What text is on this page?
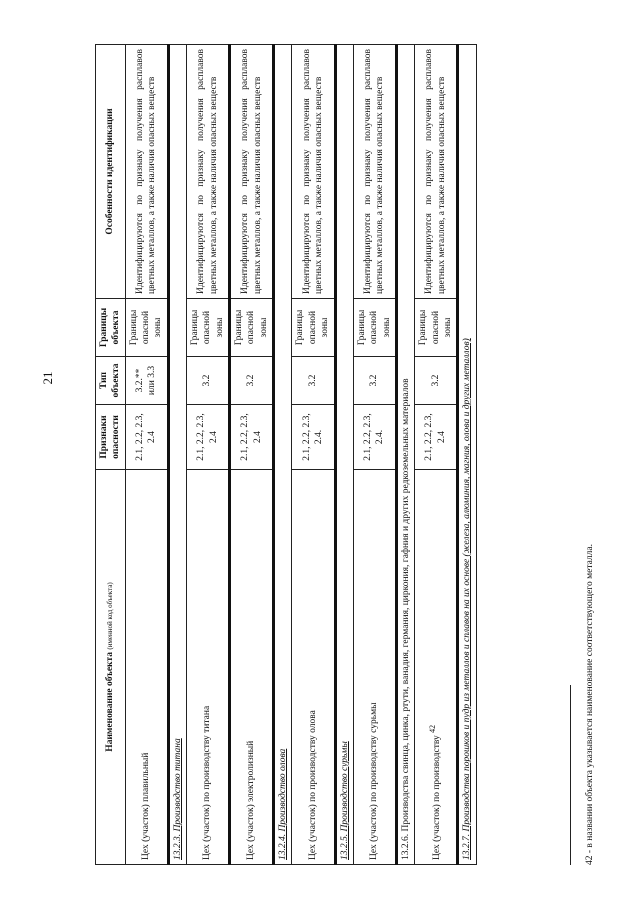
21
Наименование объекта (именной код объекта)	Признаки опасности	Тип объекта	Границы объекта	Особенности идентификации
Цех (участок) плавильный	2.1, 2.2, 2.3, 2.4	3.2.** или 3.3	Границы опасной зоны	Идентифицируются по признаку получения расплавов цветных металлов, а также наличия опасных веществ
13.2.3. Производство титана				
Цех (участок) по производству титана	2.1, 2.2, 2.3, 2.4	3.2	Границы опасной зоны	Идентифицируются по признаку получения расплавов цветных металлов, а также наличия опасных веществ
Цех (участок) электролизный	2.1, 2.2, 2.3, 2.4	3.2	Границы опасной зоны	Идентифицируются по признаку получения расплавов цветных металлов, а также наличия опасных веществ
13.2.4. Производство олова				
Цех (участок) по производству олова	2.1, 2.2, 2.3, 2.4.	3.2	Границы опасной зоны	Идентифицируются по признаку получения расплавов цветных металлов, а также наличия опасных веществ
13.2.5. Производство сурьмы				
Цех (участок) по производству сурьмы	2.1, 2.2, 2.3, 2.4.	3.2	Границы опасной зоны	Идентифицируются по признаку получения расплавов цветных металлов, а также наличия опасных веществ
13.2.6. Производства свинца, цинка, ртути, ванадия, германия, циркония, гафния и других редкоземельных материалов				
Цех (участок) по производству $^{42}$	2.1, 2.2, 2.3, 2.4	3.2	Границы опасной зоны	Идентифицируются по признаку получения расплавов цветных металлов, а также наличия опасных веществ
13.2.7. Производства порошков и пудр из металлов и сплавов на их основе (железа, алюминия, магния, олова и других металлов)					42 - в названии объекта указывается наименование соответствующего металла.
